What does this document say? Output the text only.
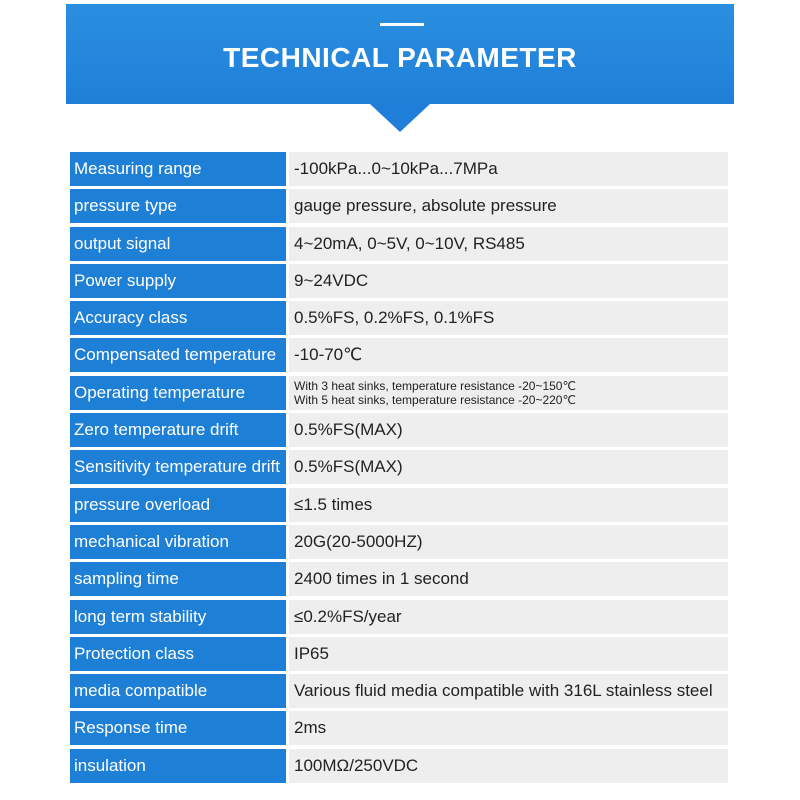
TECHNICAL PARAMETER
Measuring range	-100kPa...0~10kPa...7MPa
pressure type	gauge pressure, absolute pressure
output signal	4~20mA, 0~5V, 0~10V, RS485
Power supply	9~24VDC
Accuracy class	0.5%FS, 0.2%FS, 0.1%FS
Compensated temperature	-10-70℃
Operating temperature	With 3 heat sinks, temperature resistance -20~150℃
With 5 heat sinks, temperature resistance -20~220℃
Zero temperature drift	0.5%FS(MAX)
Sensitivity temperature drift 0.5%FS(MAX)
pressure overload	≤1.5 times
mechanical vibration	20G(20-5000HZ)
sampling time	2400 times in 1 second
long term stability	≤0.2%FS/year
Protection class	IP65
media compatible	Various fluid media compatible with 316L stainless steel
Response time	2ms
insulation	100MΩ/250VDC
